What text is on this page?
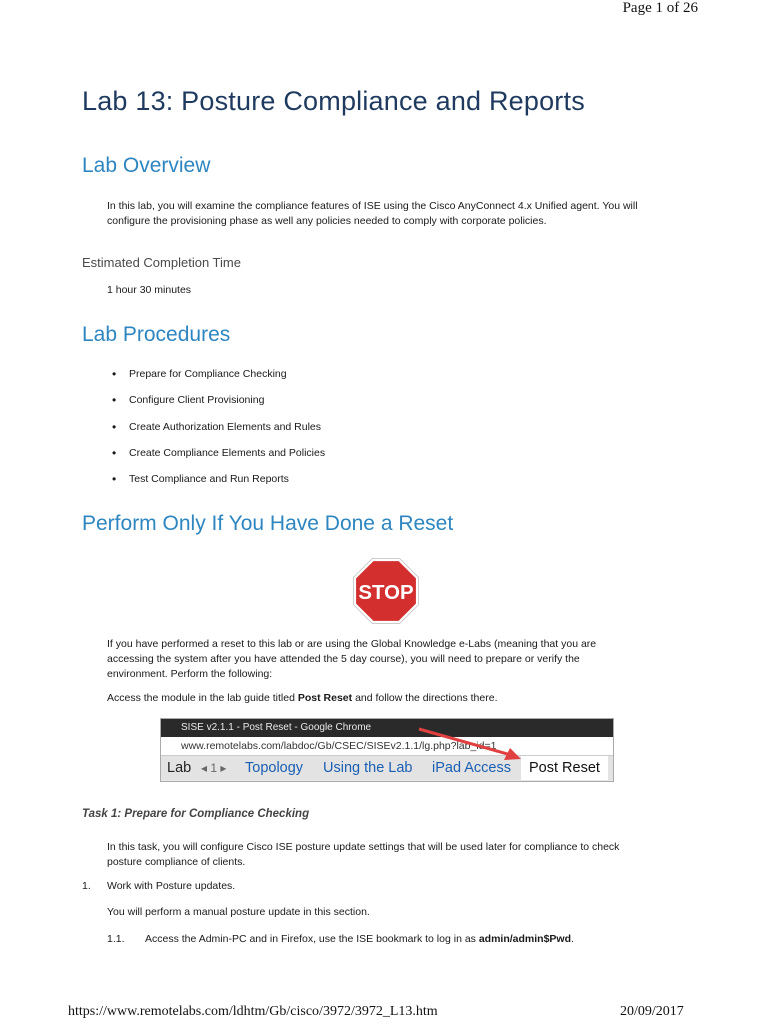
Page 1 of 26
Lab 13: Posture Compliance and Reports
Lab Overview
In this lab, you will examine the compliance features of ISE using the Cisco AnyConnect 4.x Unified agent. You will
configure the provisioning phase as well any policies needed to comply with corporate policies.
Estimated Completion Time
1 hour 30 minutes
Lab Procedures
• Prepare for Compliance Checking
• Configure Client Provisioning
• Create Authorization Elements and Rules
• Create Compliance Elements and Policies
• Test Compliance and Run Reports
Perform Only If You Have Done a Reset
STOP
If you have performed a reset to this lab or are using the Global Knowledge e-Labs (meaning that you are
accessing the system after you have attended the 5 day course), you will need to prepare or verify the
environment. Perform the following:
Access the module in the lab guide titled Post Reset and follow the directions there.
SISE v2.1.1 - Post Reset - Google Chrome
www.remotelabs.com/labdoc/Gb/CSEC/SISEv2.1.1/lg.php?lab_id=1
Lab ◂ 1 ▸ Topology Using the Lab iPad Access	Post Reset
Task 1: Prepare for Compliance Checking
In this task, you will configure Cisco ISE posture update settings that will be used later for compliance to check
posture compliance of clients.
1. Work with Posture updates.
You will perform a manual posture update in this section.
1.1. Access the Admin-PC and in Firefox, use the ISE bookmark to log in as admin/admin$Pwd.
https://www.remotelabs.com/ldhtm/Gb/cisco/3972/3972_L13.htm	20/09/2017
